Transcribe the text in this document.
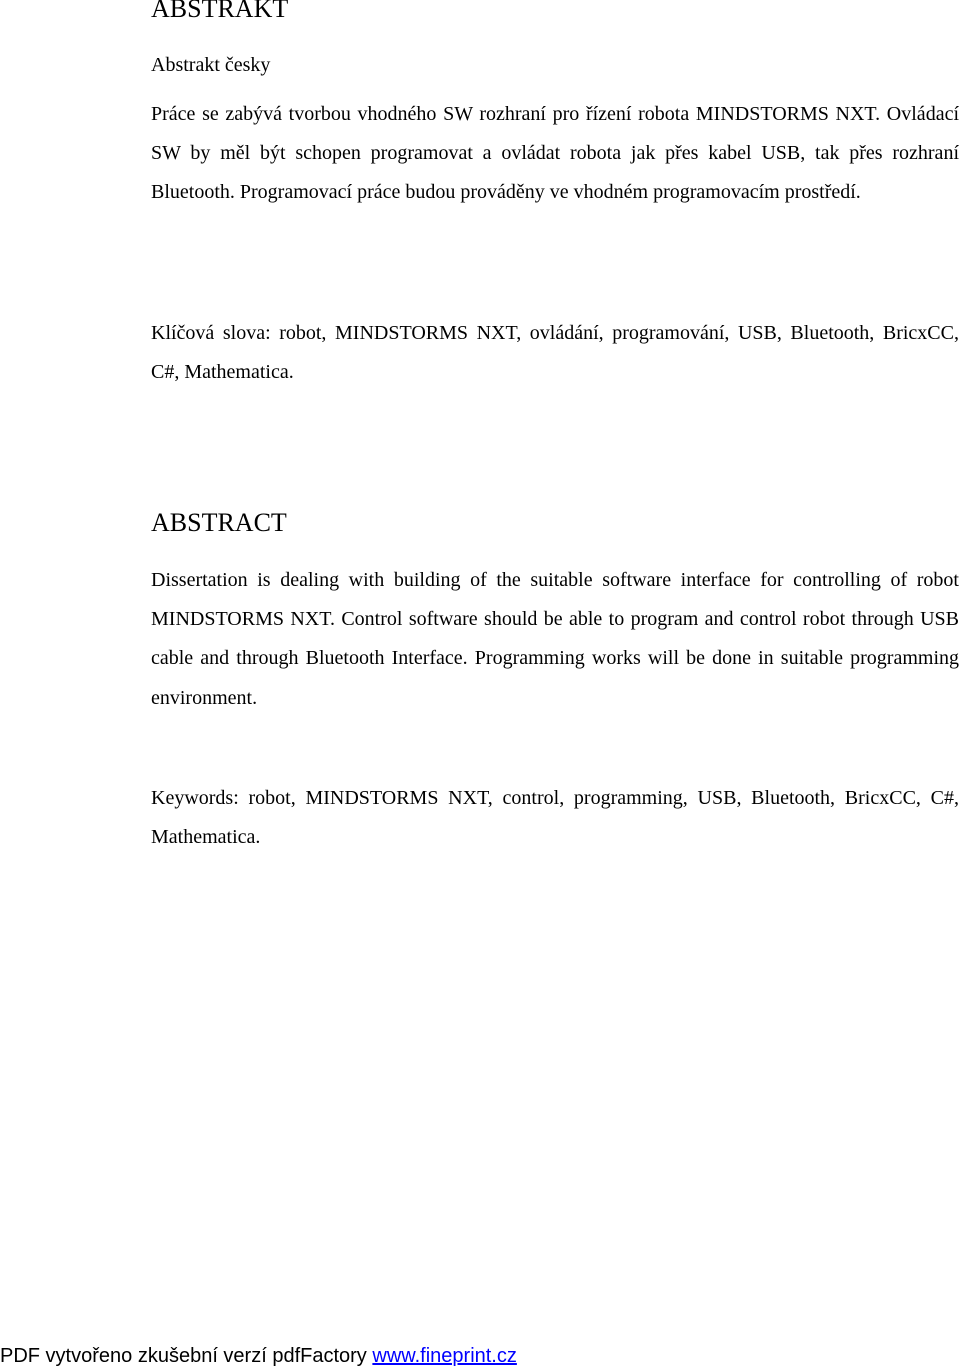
ABSTRAKT
Abstrakt česky

Práce se zabývá tvorbou vhodného SW rozhraní pro řízení robota MINDSTORMS NXT. Ovládací SW by měl být schopen programovat a ovládat robota jak přes kabel USB, tak přes rozhraní Bluetooth. Programovací práce budou prováděny ve vhodném programovacím prostředí.

Klíčová slova: robot, MINDSTORMS NXT, ovládání, programování, USB, Bluetooth, BricxCC, C#, Mathematica.

ABSTRACT

Dissertation is dealing with building of the suitable software interface for controlling of robot MINDSTORMS NXT. Control software should be able to program and control robot through USB cable and through Bluetooth Interface. Programming works will be done in suitable programming environment.

Keywords: robot, MINDSTORMS NXT, control, programming, USB, Bluetooth, BricxCC, C#, Mathematica.

PDF vytvořeno zkušební verzí pdfFactory www.fineprint.cz
